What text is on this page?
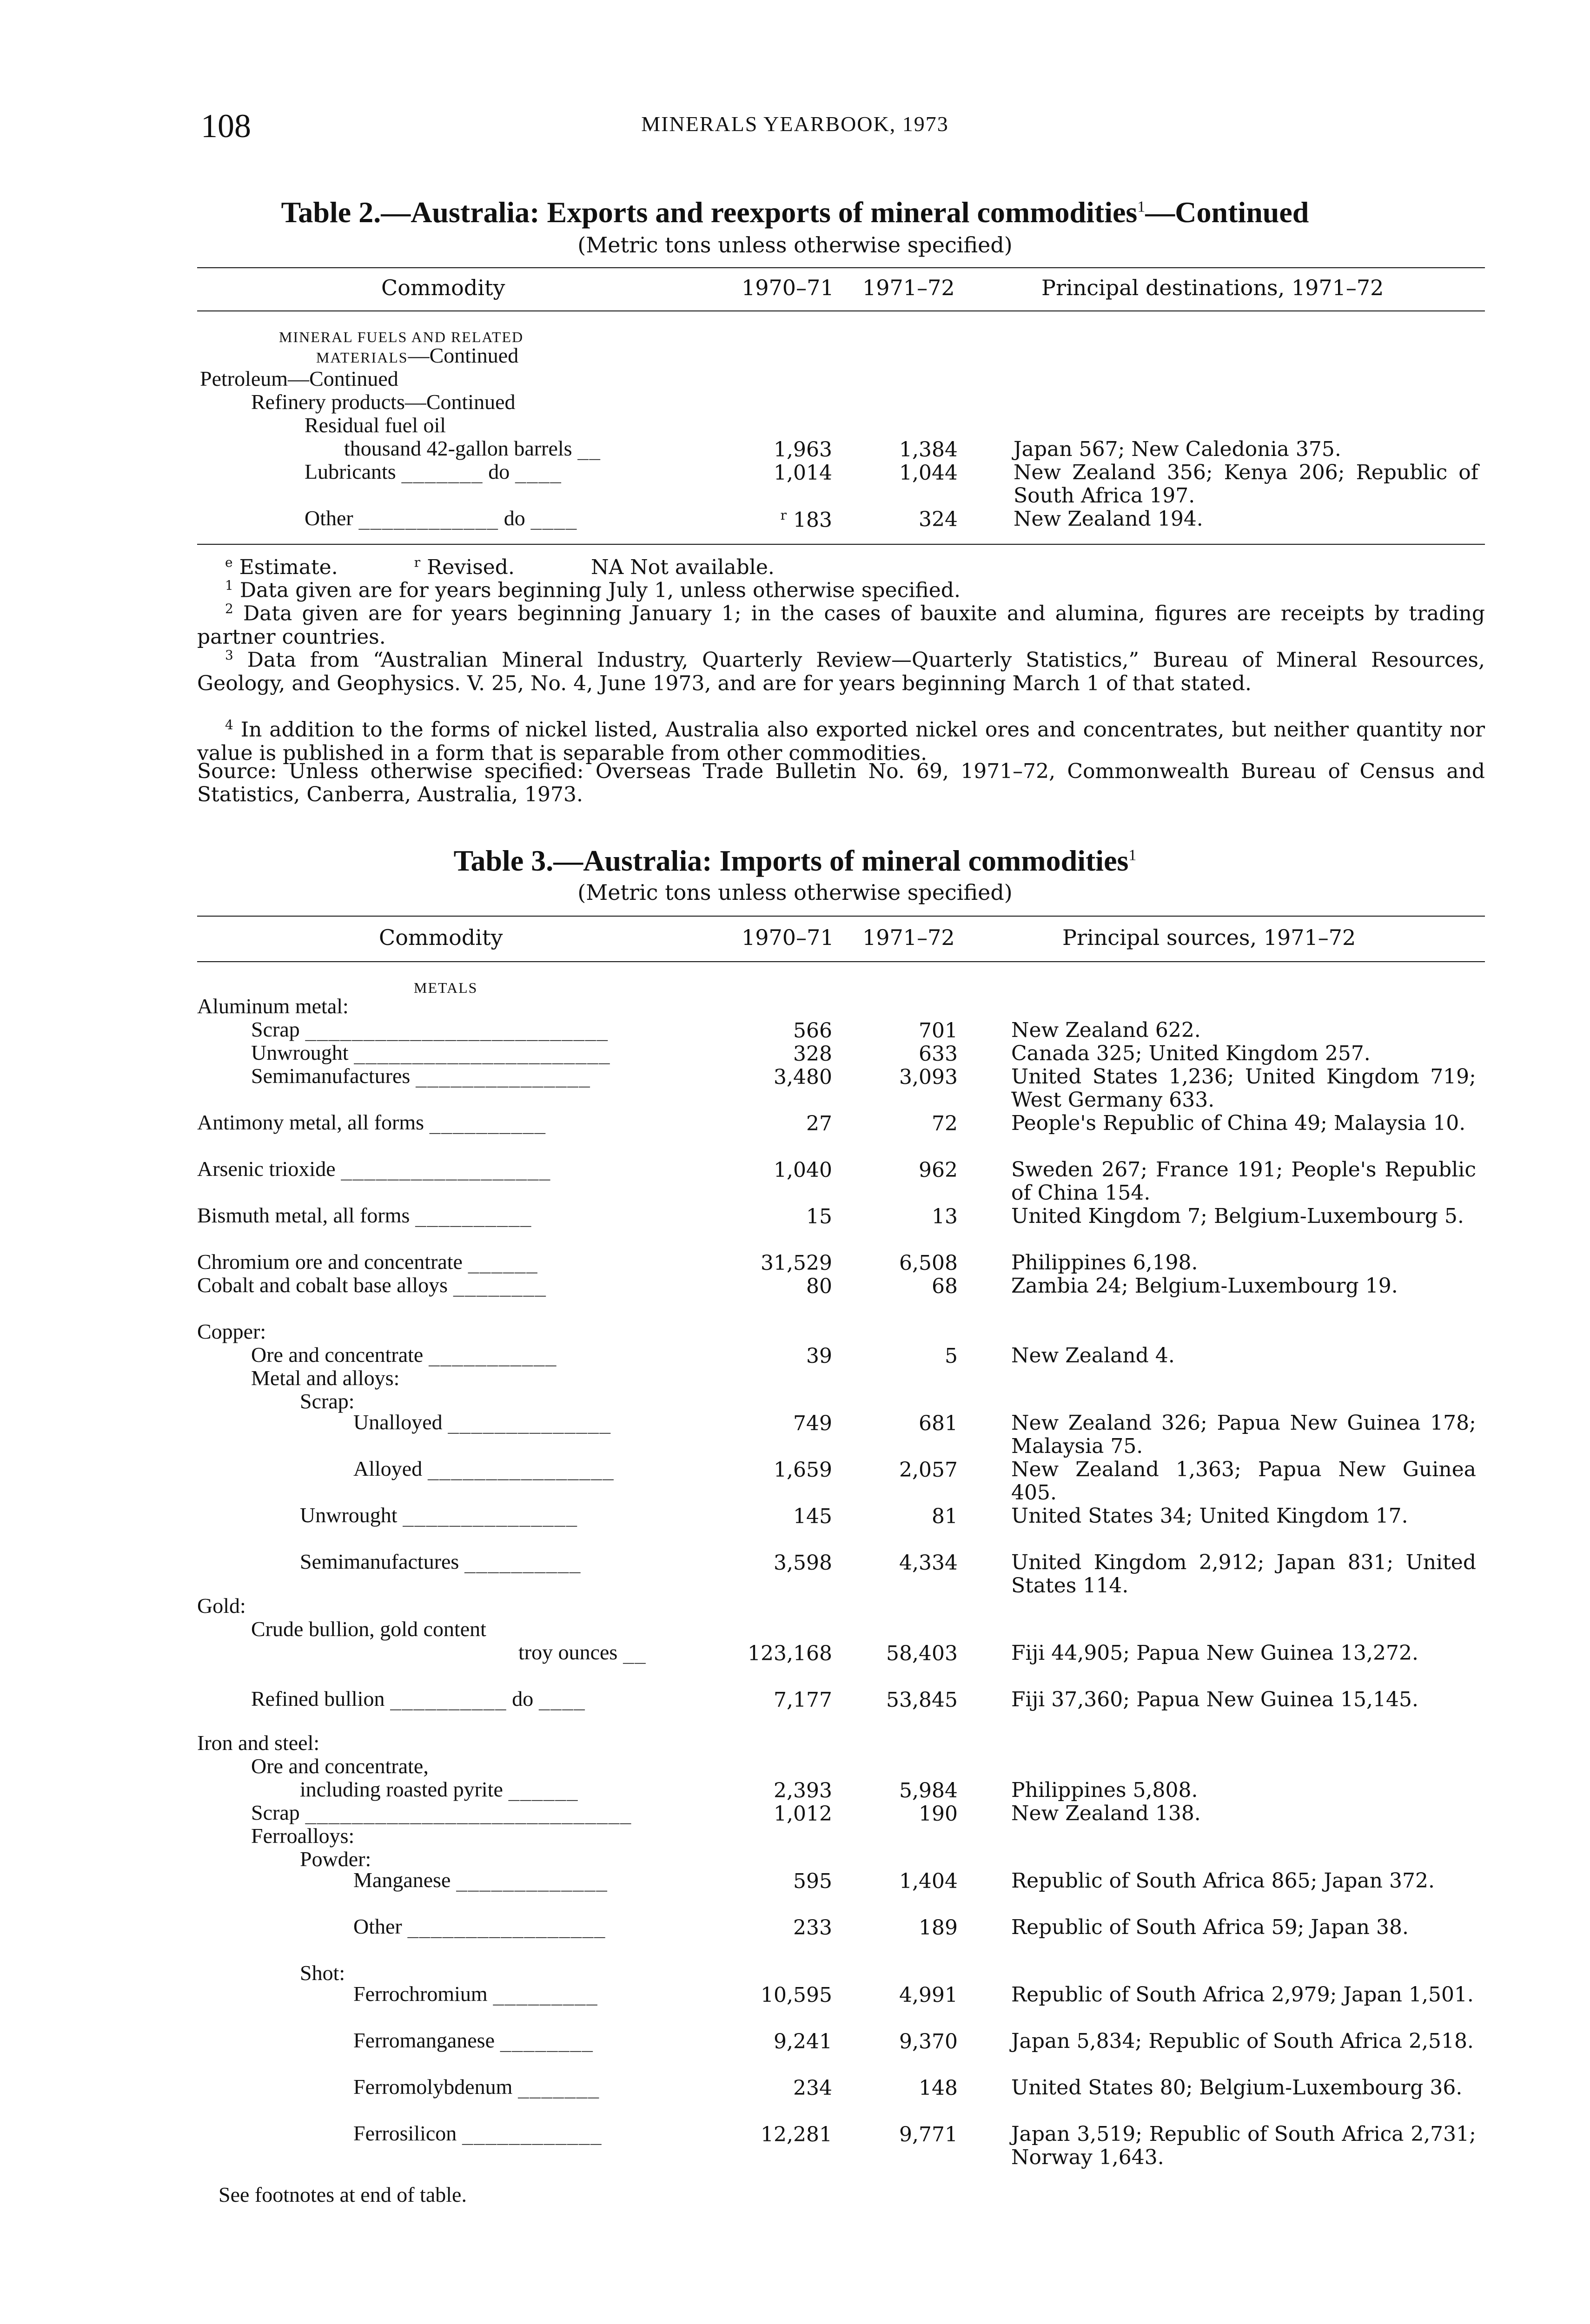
108	MINERALS YEARBOOK, 1973
Table 2.—Australia: Exports and reexports of mineral commodities$^1$—Continued
(Metric tons unless otherwise specified)
Commodity	1970–71 1971–72	Principal destinations, 1971–72
MINERAL FUELS AND RELATED
MATERIALS—Continued
Petroleum—Continued
Refinery products—Continued
Residual fuel oil
thousand 42-gallon barrels __	1,963	1,384	Japan 567; New Caledonia 375.
Lubricants _______ do ____	1,014	1,044	New Zealand 356; Kenya 206; Republic of South Africa 197.
Other ____________ do ____	$^r$ 183	324	New Zealand 194.
$^e$ Estimate.	$^r$ Revised.	NA Not available.
$^1$ Data given are for years beginning July 1, unless otherwise specified.
$^2$ Data given are for years beginning January 1; in the cases of bauxite and alumina, figures are receipts by trading partner countries.
$^3$ Data from “Australian Mineral Industry, Quarterly Review—Quarterly Statistics,” Bureau of Mineral Resources, Geology, and Geophysics. V. 25, No. 4, June 1973, and are for years beginning March 1 of that stated.
$^4$ In addition to the forms of nickel listed, Australia also exported nickel ores and concentrates, but neither quantity nor value is published in a form that is separable from other commodities.
Source: Unless otherwise specified: Overseas Trade Bulletin No. 69, 1971–72, Commonwealth Bureau of Census and Statistics, Canberra, Australia, 1973.
Table 3.—Australia: Imports of mineral commodities$^1$
(Metric tons unless otherwise specified)
Commodity	1970–71 1971–72	Principal sources, 1971–72
METALS
Aluminum metal:
Scrap __________________________	566	701	New Zealand 622.
Unwrought ______________________	328	633	Canada 325; United Kingdom 257.
Semimanufactures _______________	3,480	3,093	United States 1,236; United Kingdom 719; West Germany 633.
Antimony metal, all forms __________	27	72	People's Republic of China 49; Malaysia 10.
Arsenic trioxide __________________	1,040	962	Sweden 267; France 191; People's Republic of China 154.
Bismuth metal, all forms __________	15	13	United Kingdom 7; Belgium-Luxembourg 5.
Chromium ore and concentrate ______	31,529	6,508	Philippines 6,198.
Cobalt and cobalt base alloys ________	80	68	Zambia 24; Belgium-Luxembourg 19.
Copper:
Ore and concentrate ___________	39	5	New Zealand 4.
Metal and alloys:
Scrap:
Unalloyed ______________	749	681	New Zealand 326; Papua New Guinea 178; Malaysia 75.
Alloyed ________________	1,659	2,057	New Zealand 1,363; Papua New Guinea 405.
Unwrought _______________	145	81	United States 34; United Kingdom 17.
Semimanufactures __________	3,598	4,334	United Kingdom 2,912; Japan 831; United States 114.
Gold:
Crude bullion, gold content
troy ounces __	123,168	58,403	Fiji 44,905; Papua New Guinea 13,272.
Refined bullion __________ do ____	7,177	53,845	Fiji 37,360; Papua New Guinea 15,145.
Iron and steel:
Ore and concentrate,
including roasted pyrite ______	2,393	5,984	Philippines 5,808.
Scrap ____________________________	1,012	190	New Zealand 138.
Ferroalloys:
Powder:
Manganese _____________	595	1,404	Republic of South Africa 865; Japan 372.
Other _________________	233	189	Republic of South Africa 59; Japan 38.
Shot:
Ferrochromium _________	10,595	4,991	Republic of South Africa 2,979; Japan 1,501.
Ferromanganese ________	9,241	9,370	Japan 5,834; Republic of South Africa 2,518.
Ferromolybdenum _______	234	148	United States 80; Belgium-Luxembourg 36.
Ferrosilicon ____________	12,281	9,771	Japan 3,519; Republic of South Africa 2,731; Norway 1,643.
See footnotes at end of table.
